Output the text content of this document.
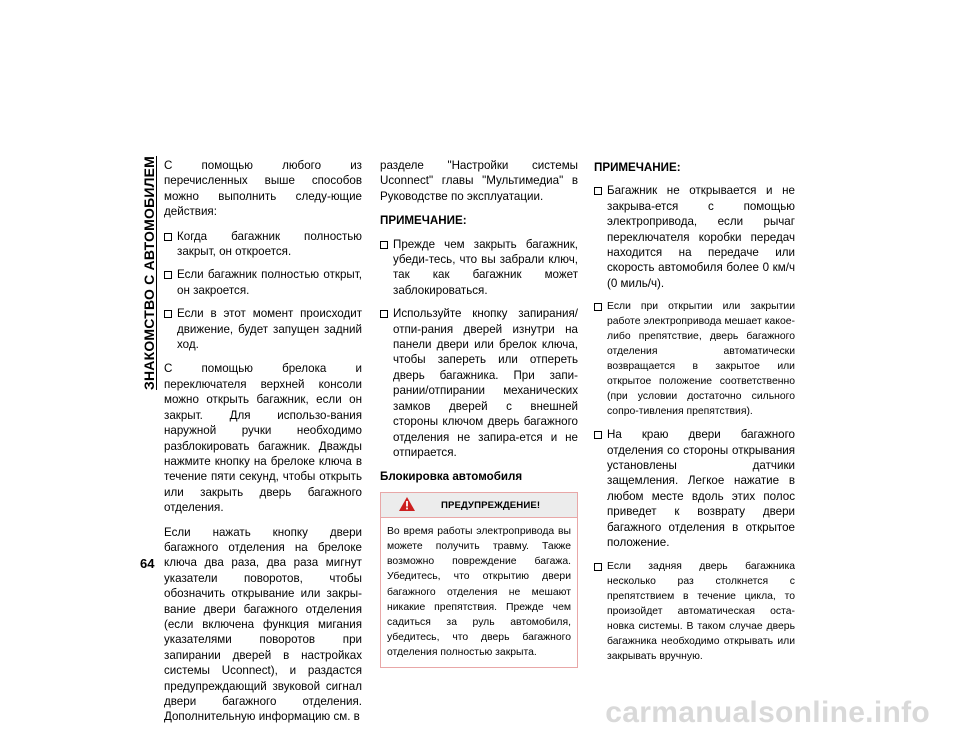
ЗНАКОМСТВО С АВТОМОБИЛЕМ
64

С помощью любого из перечисленных выше способов можно выполнить следу-ющие действия:

Когда багажник полностью закрыт, он откроется.
Если багажник полностью открыт, он закроется.
Если в этот момент происходит движение, будет запущен задний ход.

С помощью брелока и переключателя верхней консоли можно открыть багажник, если он закрыт. Для использо-вания наружной ручки необходимо разблокировать багажник. Дважды нажмите кнопку на брелоке ключа в течение пяти секунд, чтобы открыть или закрыть дверь багажного отделения.

Если нажать кнопку двери багажного отделения на брелоке ключа два раза, два раза мигнут указатели поворотов, чтобы обозначить открывание или закры-вание двери багажного отделения (если включена функция мигания указателями поворотов при запирании дверей в настройках системы Uconnect), и раздастся предупреждающий звуковой сигнал двери багажного отделения. Дополнительную информацию см. в

разделе "Настройки системы Uconnect" главы "Мультимедиа" в Руководстве по эксплуатации.

ПРИМЕЧАНИЕ:
Прежде чем закрыть багажник, убеди-тесь, что вы забрали ключ, так как багажник может заблокироваться.
Используйте кнопку запирания/отпи-рания дверей изнутри на панели двери или брелок ключа, чтобы запереть или отпереть дверь багажника. При запи-рании/отпирании механических замков дверей с внешней стороны ключом дверь багажного отделения не запира-ется и не отпирается.
Блокировка автомобиля
ПРЕДУПРЕЖДЕНИЕ!
Во время работы электропривода вы можете получить травму. Также возможно повреждение багажа. Убедитесь, что открытию двери багажного отделения не мешают никакие препятствия. Прежде чем садиться за руль автомобиля, убедитесь, что дверь багажного отделения полностью закрыта.
ПРИМЕЧАНИЕ:
Багажник не открывается и не закрыва-ется с помощью электропривода, если рычаг переключателя коробки передач находится на передаче или скорость автомобиля более 0 км/ч (0 миль/ч).
Если при открытии или закрытии работе электропривода мешает какое-либо препятствие, дверь багажного отделения автоматически возвращается в закрытое или открытое положение соответственно (при условии достаточно сильного сопро-тивления препятствия).
На краю двери багажного отделения со стороны открывания установлены датчики защемления. Легкое нажатие в любом месте вдоль этих полос приведет к возврату двери багажного отделения в открытое положение.
Если задняя дверь багажника несколько раз столкнется с препятствием в течение цикла, то произойдет автоматическая оста-новка системы. В таком случае дверь багажника необходимо открывать или закрывать вручную.
carmanualsonline.info
